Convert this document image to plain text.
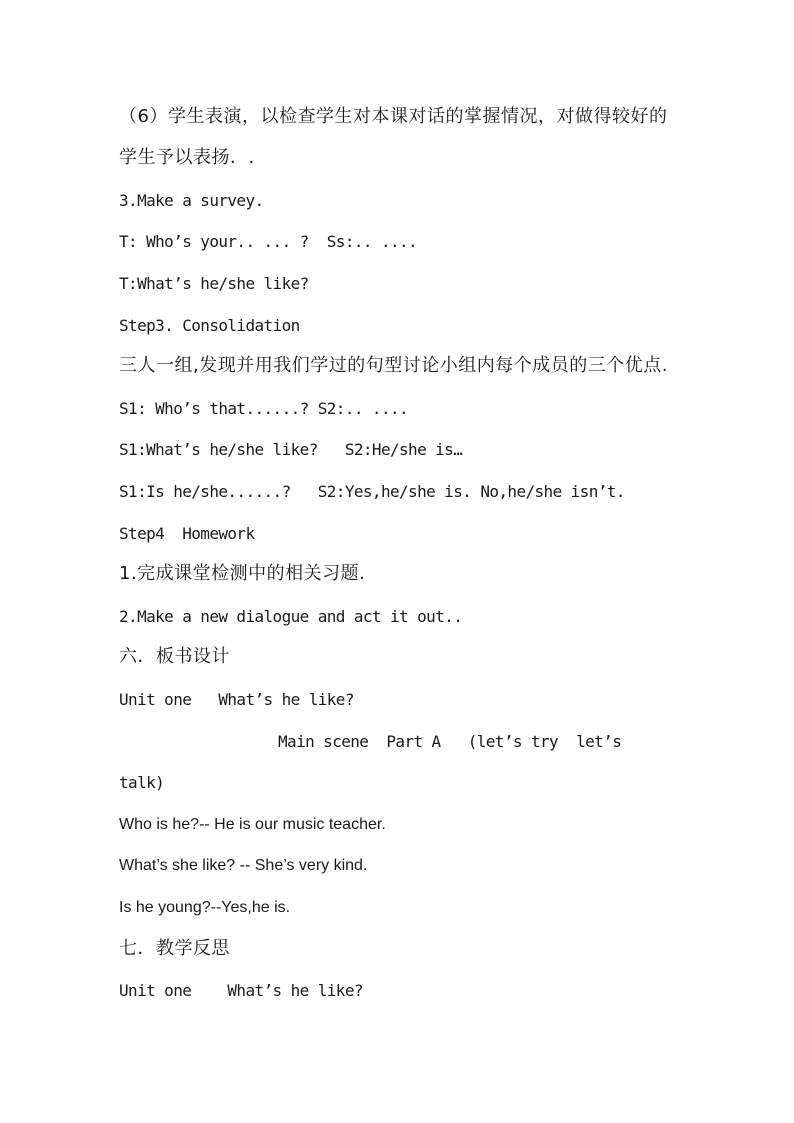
（6）学生表演，以检查学生对本课对话的掌握情况，对做得较好的
学生予以表扬．.
3.Make a survey.
T: Who’s your.. ... ?  Ss:.. ....
T:What’s he/she like?
Step3. Consolidation
三人一组,发现并用我们学过的句型讨论小组内每个成员的三个优点.
S1: Who’s that......? S2:.. ....
S1:What’s he/she like?   S2:He/she is…
S1:Is he/she......?   S2:Yes,he/she is. No,he/she isn’t.
Step4  Homework
1.完成课堂检测中的相关习题.
2.Make a new dialogue and act it out..
六．板书设计
Unit one   What’s he like?
Main scene  Part A   (let’s try  let’s
talk)
Who is he?-- He is our music teacher.
What’s she like? -- She’s very kind.
Is he young?--Yes,he is.
七．教学反思
Unit one    What’s he like?
